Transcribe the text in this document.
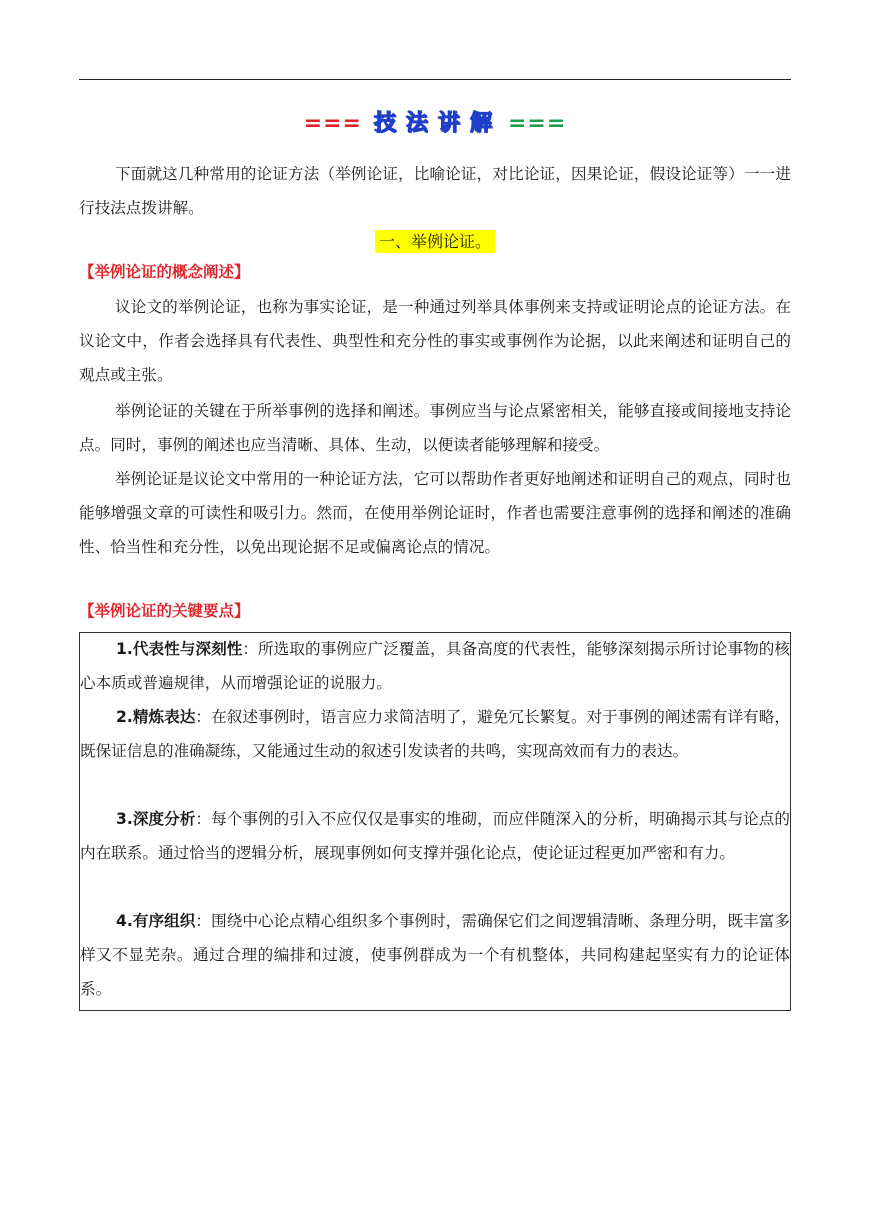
=== 技法讲解 ===

下面就这几种常用的论证方法（举例论证，比喻论证，对比论证，因果论证，假设论证等）一一进行技法点拨讲解。

一、举例论证。
【举例论证的概念阐述】

议论文的举例论证，也称为事实论证，是一种通过列举具体事例来支持或证明论点的论证方法。在议论文中，作者会选择具有代表性、典型性和充分性的事实或事例作为论据，以此来阐述和证明自己的观点或主张。

举例论证的关键在于所举事例的选择和阐述。事例应当与论点紧密相关，能够直接或间接地支持论点。同时，事例的阐述也应当清晰、具体、生动，以便读者能够理解和接受。

举例论证是议论文中常用的一种论证方法，它可以帮助作者更好地阐述和证明自己的观点，同时也能够增强文章的可读性和吸引力。然而，在使用举例论证时，作者也需要注意事例的选择和阐述的准确性、恰当性和充分性，以免出现论据不足或偏离论点的情况。

【举例论证的关键要点】

1.代表性与深刻性：所选取的事例应广泛覆盖，具备高度的代表性，能够深刻揭示所讨论事物的核心本质或普遍规律，从而增强论证的说服力。

2.精炼表达：在叙述事例时，语言应力求简洁明了，避免冗长繁复。对于事例的阐述需有详有略，既保证信息的准确凝练，又能通过生动的叙述引发读者的共鸣，实现高效而有力的表达。

3.深度分析：每个事例的引入不应仅仅是事实的堆砌，而应伴随深入的分析，明确揭示其与论点的内在联系。通过恰当的逻辑分析，展现事例如何支撑并强化论点，使论证过程更加严密和有力。

4.有序组织：围绕中心论点精心组织多个事例时，需确保它们之间逻辑清晰、条理分明，既丰富多样又不显芜杂。通过合理的编排和过渡，使事例群成为一个有机整体，共同构建起坚实有力的论证体系。
